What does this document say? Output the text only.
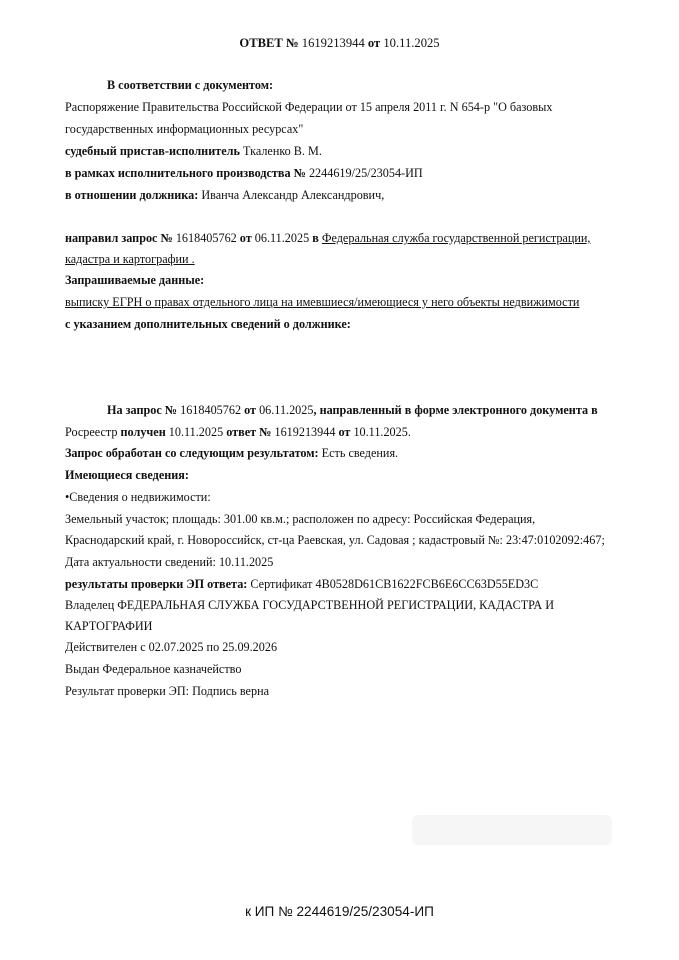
ОТВЕТ № 1619213944 от 10.11.2025
В соответствии с документом:
Распоряжение Правительства Российской Федерации от 15 апреля 2011 г. N 654-р "О базовых
государственных информационных ресурсах"
судебный пристав-исполнитель Ткаленко В. М.
в рамках исполнительного производства № 2244619/25/23054-ИП
в отношении должника: Иванча Александр Александрович,
направил запрос № 1618405762 от 06.11.2025 в Федеральная служба государственной регистрации,
кадастра и картографии .
Запрашиваемые данные:
выписку ЕГРН о правах отдельного лица на имевшиеся/имеющиеся у него объекты недвижимости
с указанием дополнительных сведений о должнике:
На запрос № 1618405762 от 06.11.2025, направленный в форме электронного документа в
Росреестр получен 10.11.2025 ответ № 1619213944 от 10.11.2025.
Запрос обработан со следующим результатом: Есть сведения.
Имеющиеся сведения:
•Сведения о недвижимости:
Земельный участок; площадь: 301.00 кв.м.; расположен по адресу: Российская Федерация,
Краснодарский край, г. Новороссийск, ст-ца Раевская, ул. Садовая ; кадастровый №: 23:47:0102092:467;
Дата актуальности сведений: 10.11.2025
результаты проверки ЭП ответа: Сертификат 4B0528D61CB1622FCB6E6CC63D55ED3C
Владелец ФЕДЕРАЛЬНАЯ СЛУЖБА ГОСУДАРСТВЕННОЙ РЕГИСТРАЦИИ, КАДАСТРА И
КАРТОГРАФИИ
Действителен с 02.07.2025 по 25.09.2026
Выдан Федеральное казначейство
Результат проверки ЭП: Подпись верна
к ИП № 2244619/25/23054-ИП
